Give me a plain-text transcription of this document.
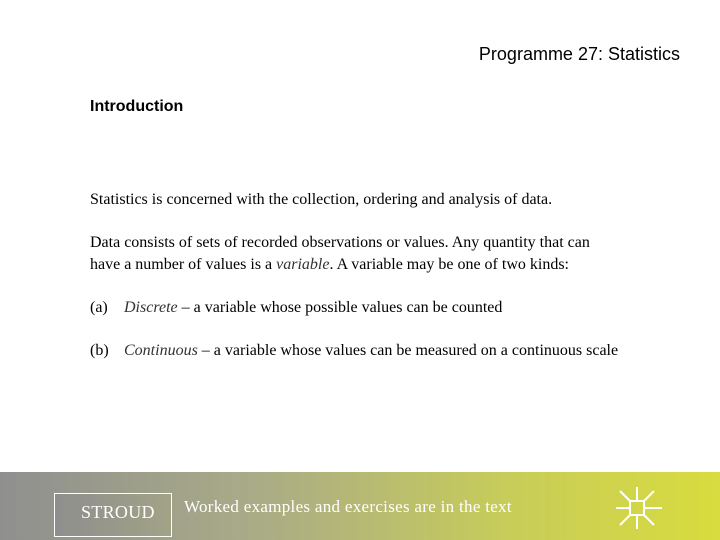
Programme 27: Statistics
Introduction
Statistics is concerned with the collection, ordering and analysis of data.
Data consists of sets of recorded observations or values. Any quantity that can
have a number of values is a variable. A variable may be one of two kinds:
(a) Discrete – a variable whose possible values can be counted
(b) Continuous – a variable whose values can be measured on a continuous scale
STROUD Worked examples and exercises are in the text
